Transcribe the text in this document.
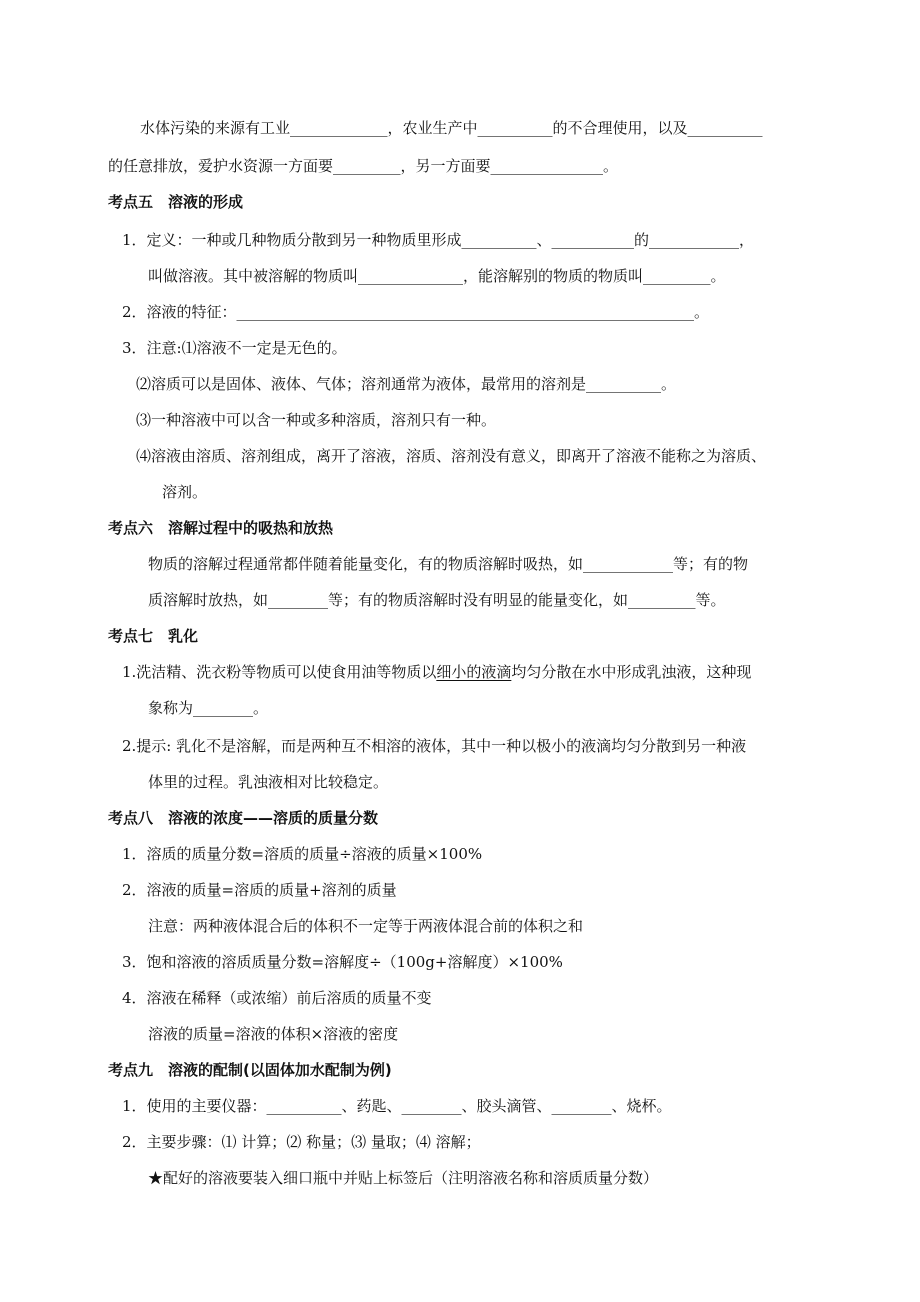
水体污染的来源有工业_____________，农业生产中__________的不合理使用，以及__________
的任意排放，爱护水资源一方面要_________，另一方面要_______________。
考点五　溶液的形成
1．定义：一种或几种物质分散到另一种物质里形成__________、___________的____________，
叫做溶液。其中被溶解的物质叫______________，能溶解别的物质的物质叫_________。
2．溶液的特征：_____________________________________________________________。
3．注意:⑴溶液不一定是无色的。
⑵溶质可以是固体、液体、气体；溶剂通常为液体，最常用的溶剂是__________。
⑶一种溶液中可以含一种或多种溶质，溶剂只有一种。
⑷溶液由溶质、溶剂组成，离开了溶液，溶质、溶剂没有意义，即离开了溶液不能称之为溶质、
溶剂。
考点六　溶解过程中的吸热和放热
物质的溶解过程通常都伴随着能量变化，有的物质溶解时吸热，如____________等；有的物
质溶解时放热，如________等；有的物质溶解时没有明显的能量变化，如_________等。
考点七　乳化
1.洗洁精、洗衣粉等物质可以使食用油等物质以细小的液滴均匀分散在水中形成乳浊液，这种现
象称为________。
2.提示: 乳化不是溶解，而是两种互不相溶的液体，其中一种以极小的液滴均匀分散到另一种液
体里的过程。乳浊液相对比较稳定。
考点八　溶液的浓度——溶质的质量分数
1．溶质的质量分数=溶质的质量÷溶液的质量×100%
2．溶液的质量=溶质的质量+溶剂的质量
注意：两种液体混合后的体积不一定等于两液体混合前的体积之和
3．饱和溶液的溶质质量分数=溶解度÷（100g+溶解度）×100%
4．溶液在稀释（或浓缩）前后溶质的质量不变
溶液的质量=溶液的体积×溶液的密度
考点九　溶液的配制(以固体加水配制为例)
1．使用的主要仪器：__________、药匙、________、胶头滴管、________、烧杯。
2．主要步骤：⑴ 计算；⑵ 称量；⑶ 量取；⑷ 溶解；
★配好的溶液要装入细口瓶中并贴上标签后（注明溶液名称和溶质质量分数）
